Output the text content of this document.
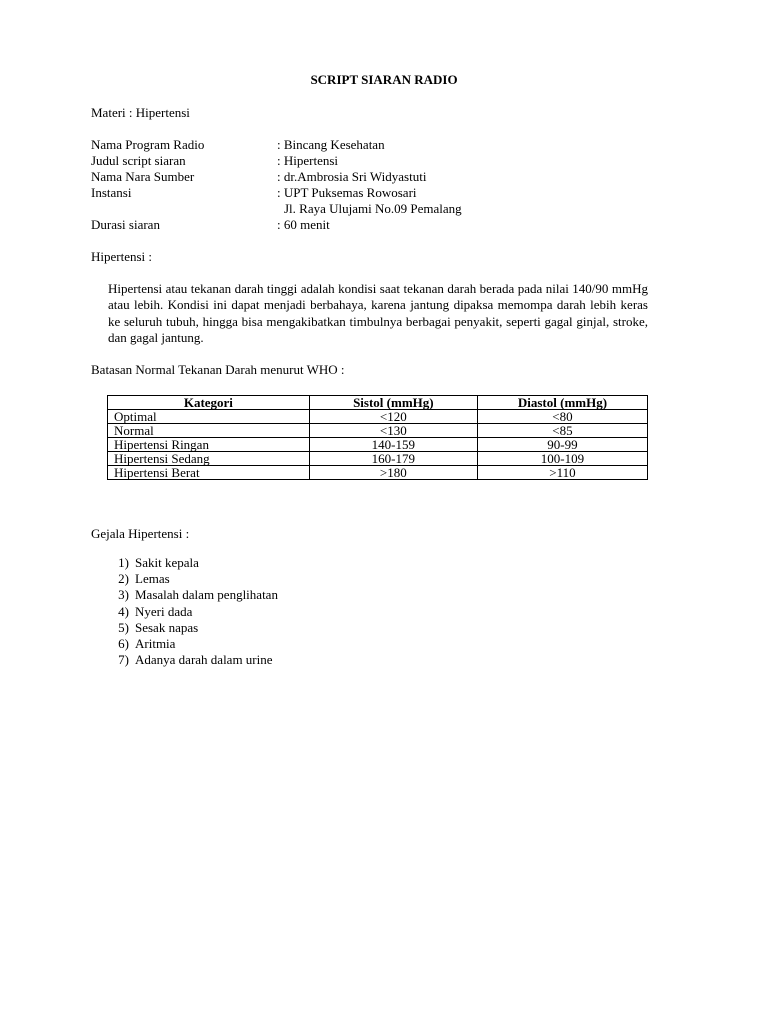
SCRIPT SIARAN RADIO
Materi : Hipertensi
Nama Program Radio	: Bincang Kesehatan
Judul script siaran	: Hipertensi
Nama Nara Sumber	: dr.Ambrosia Sri Widyastuti
Instansi	: UPT Puksemas Rowosari
Jl. Raya Ulujami No.09 Pemalang
Durasi siaran	: 60 menit
Hipertensi :
Hipertensi atau tekanan darah tinggi adalah kondisi saat tekanan darah berada pada nilai 140/90 mmHg atau lebih. Kondisi ini dapat menjadi berbahaya, karena jantung dipaksa memompa darah lebih keras ke seluruh tubuh, hingga bisa mengakibatkan timbulnya berbagai penyakit, seperti gagal ginjal, stroke, dan gagal jantung.
Batasan Normal Tekanan Darah menurut WHO :
Kategori	Sistol (mmHg)	Diastol (mmHg)
Optimal	<120	<80
Normal	<130	<85
Hipertensi Ringan	140-159	90-99
Hipertensi Sedang	160-179	100-109
Hipertensi Berat	>180	>110
Gejala Hipertensi :
1) Sakit kepala
2) Lemas
3) Masalah dalam penglihatan
4) Nyeri dada
5) Sesak napas
6) Aritmia
7) Adanya darah dalam urine
